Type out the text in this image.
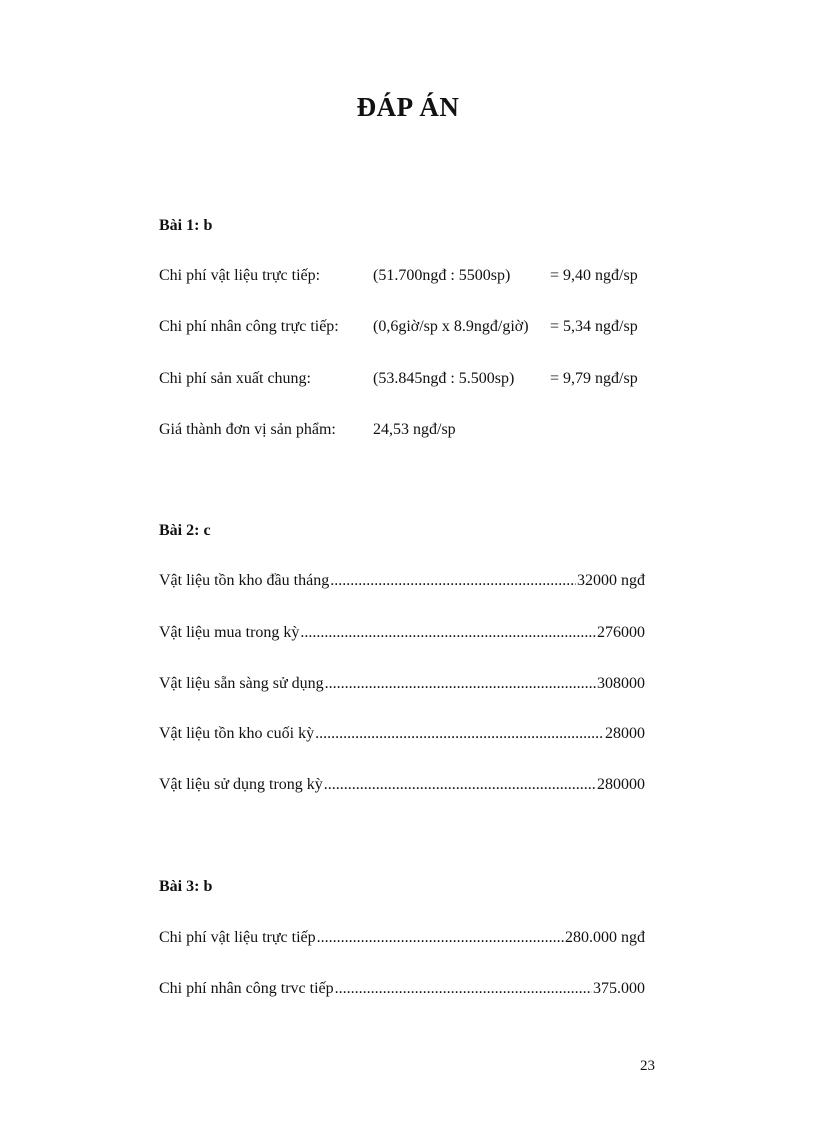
ĐÁP ÁN
Bài 1: b
Chi phí vật liệu trực tiếp:	(51.700ngđ : 5500sp) = 9,40 ngđ/sp
Chi phí nhân công trực tiếp: (0,6giờ/sp x 8.9ngđ/giờ) = 5,34 ngđ/sp
Chi phí sản xuất chung:	(53.845ngđ : 5.500sp) = 9,79 ngđ/sp
Giá thành đơn vị sản phẩm: 24,53 ngđ/sp
Bài 2: c
Vật liệu tồn kho đầu tháng .....	32000 ngđ
Vật liệu mua trong kỳ .....	276000
Vật liệu sẵn sàng sử dụng .....	308000
Vật liệu tồn kho cuối kỳ .....	28000
Vật liệu sử dụng trong kỳ .....	280000
Bài 3: b
Chi phí vật liệu trực tiếp .....	280.000 ngđ
Chi phí nhân công trvc tiếp .....	375.000
23
